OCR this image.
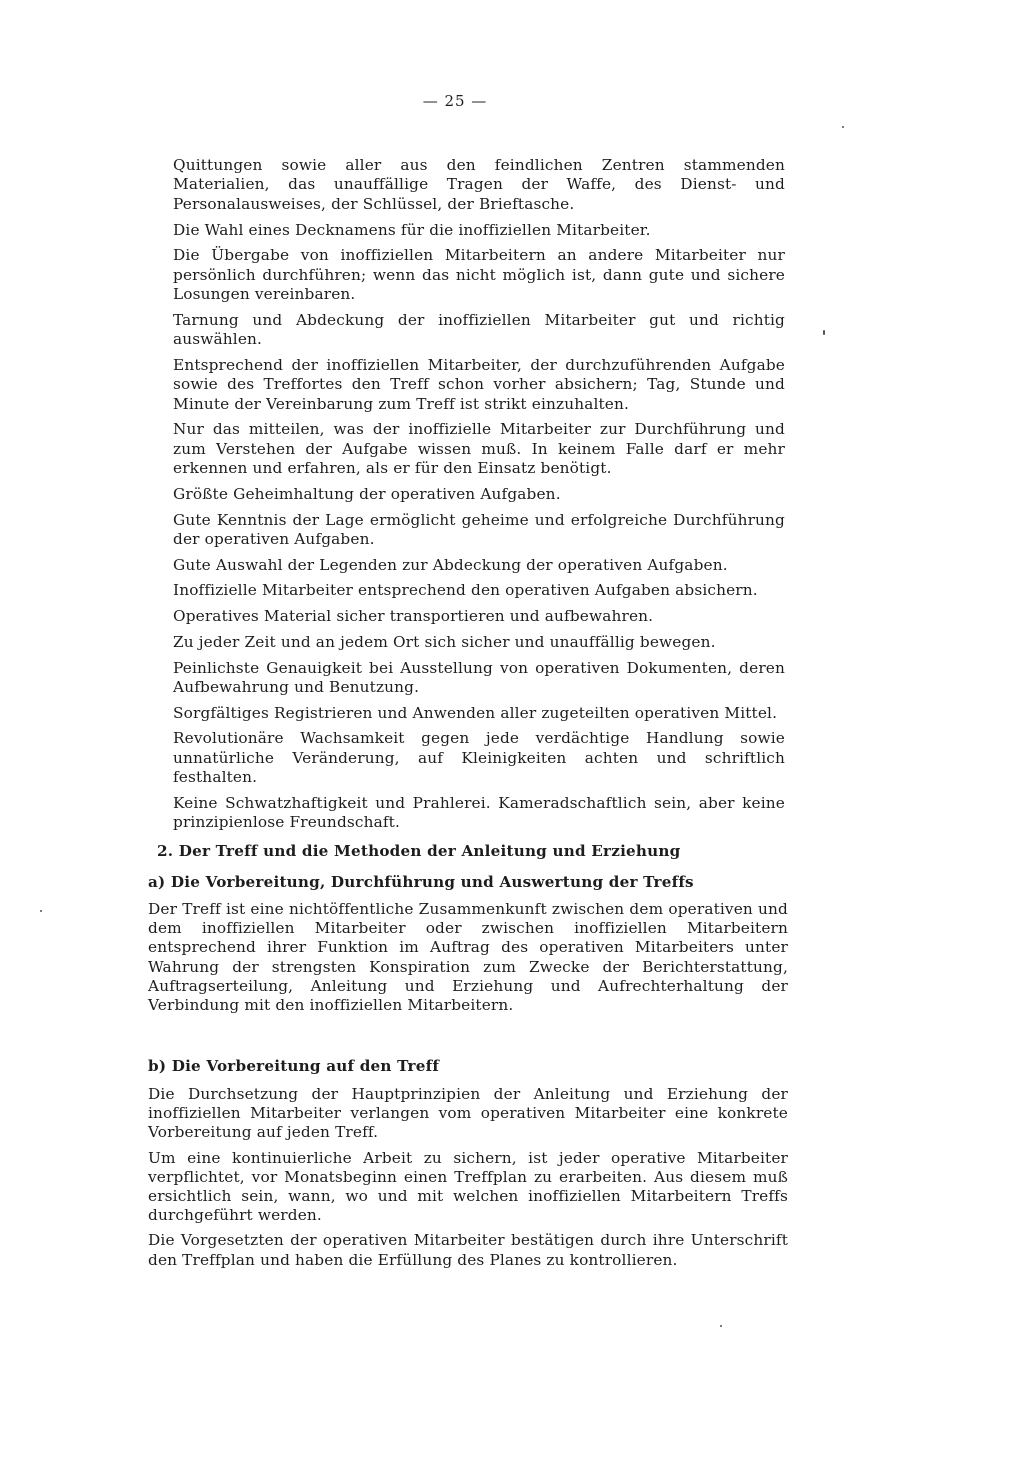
— 25 —

Quittungen sowie aller aus den feindlichen Zentren stammenden Materialien, das unauffällige Tragen der Waffe, des Dienst- und Personalausweises, der Schlüssel, der Brieftasche.

Die Wahl eines Decknamens für die inoffiziellen Mitarbeiter.

Die Übergabe von inoffiziellen Mitarbeitern an andere Mitarbeiter nur persönlich durchführen; wenn das nicht möglich ist, dann gute und sichere Losungen vereinbaren.

Tarnung und Abdeckung der inoffiziellen Mitarbeiter gut und richtig auswählen.

Entsprechend der inoffiziellen Mitarbeiter, der durchzuführenden Aufgabe sowie des Treffortes den Treff schon vorher absichern; Tag, Stunde und Minute der Vereinbarung zum Treff ist strikt einzuhalten.

Nur das mitteilen, was der inoffizielle Mitarbeiter zur Durchführung und zum Verstehen der Aufgabe wissen muß. In keinem Falle darf er mehr erkennen und erfahren, als er für den Einsatz benötigt.

Größte Geheimhaltung der operativen Aufgaben.

Gute Kenntnis der Lage ermöglicht geheime und erfolgreiche Durchführung der operativen Aufgaben.

Gute Auswahl der Legenden zur Abdeckung der operativen Aufgaben.

Inoffizielle Mitarbeiter entsprechend den operativen Aufgaben absichern.

Operatives Material sicher transportieren und aufbewahren.

Zu jeder Zeit und an jedem Ort sich sicher und unauffällig bewegen.

Peinlichste Genauigkeit bei Ausstellung von operativen Dokumenten, deren Aufbewahrung und Benutzung.

Sorgfältiges Registrieren und Anwenden aller zugeteilten operativen Mittel.

Revolutionäre Wachsamkeit gegen jede verdächtige Handlung sowie unnatürliche Veränderung, auf Kleinigkeiten achten und schriftlich festhalten.

Keine Schwatzhaftigkeit und Prahlerei. Kameradschaftlich sein, aber keine prinzipienlose Freundschaft.

2. Der Treff und die Methoden der Anleitung und Erziehung

a) Die Vorbereitung, Durchführung und Auswertung der Treffs

Der Treff ist eine nichtöffentliche Zusammenkunft zwischen dem operativen und dem inoffiziellen Mitarbeiter oder zwischen inoffiziellen Mitarbeitern entsprechend ihrer Funktion im Auftrag des operativen Mitarbeiters unter Wahrung der strengsten Konspiration zum Zwecke der Berichterstattung, Auftragserteilung, Anleitung und Erziehung und Aufrechterhaltung der Verbindung mit den inoffiziellen Mitarbeitern.

b) Die Vorbereitung auf den Treff

Die Durchsetzung der Hauptprinzipien der Anleitung und Erziehung der inoffiziellen Mitarbeiter verlangen vom operativen Mitarbeiter eine konkrete Vorbereitung auf jeden Treff.

Um eine kontinuierliche Arbeit zu sichern, ist jeder operative Mitarbeiter verpflichtet, vor Monatsbeginn einen Treffplan zu erarbeiten. Aus diesem muß ersichtlich sein, wann, wo und mit welchen inoffiziellen Mitarbeitern Treffs durchgeführt werden.

Die Vorgesetzten der operativen Mitarbeiter bestätigen durch ihre Unterschrift den Treffplan und haben die Erfüllung des Planes zu kontrollieren.
